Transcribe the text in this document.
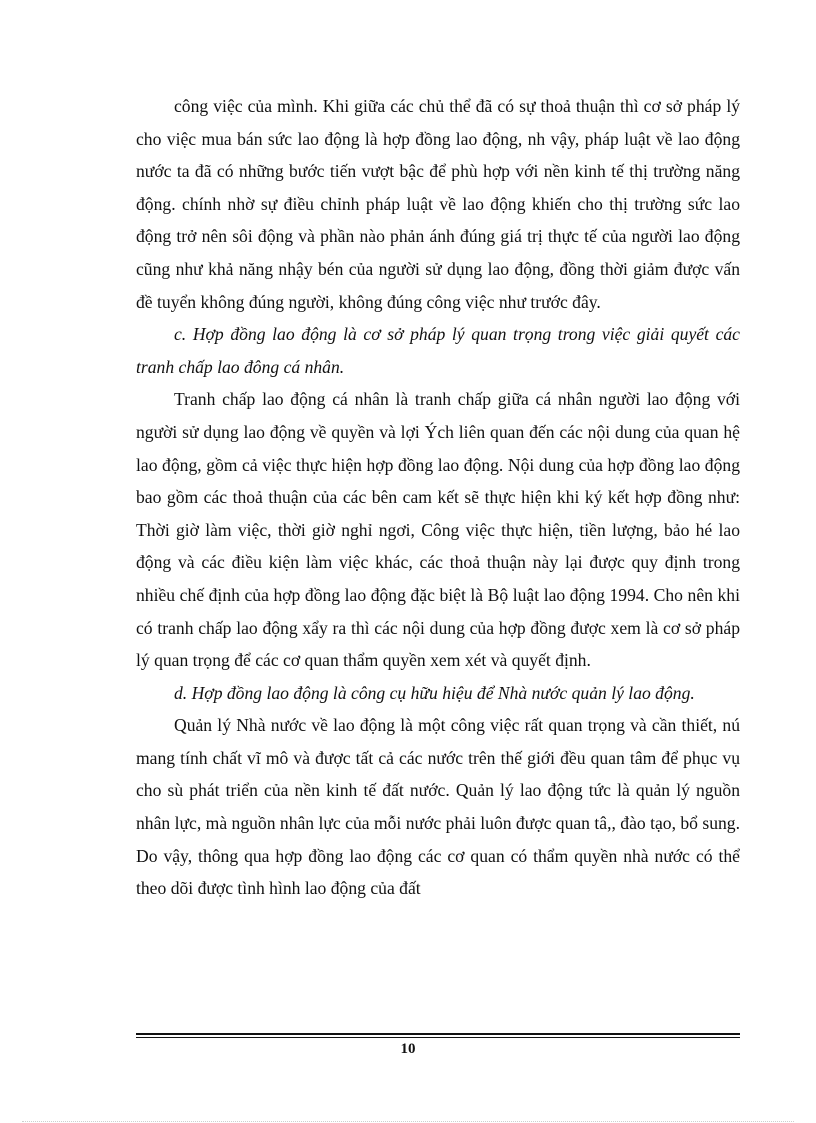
công việc của mình. Khi giữa các chủ thể đã có sự thoả thuận thì cơ sở pháp lý cho việc mua bán sức lao động là hợp đồng lao động, nh vậy, pháp luật về lao động nước ta đã có những bước tiến vượt bậc để phù hợp với nền kinh tế thị trường năng động. chính nhờ sự điều chỉnh pháp luật về lao động khiến cho thị trường sức lao động trở nên sôi động và phần nào phản ánh đúng giá trị thực tế của người lao động cũng như khả năng nhậy bén của người sử dụng lao động, đồng thời giảm được vấn đề tuyển không đúng người, không đúng công việc như trước đây.

c. Hợp đồng lao động là cơ sở pháp lý quan trọng trong việc giải quyết các tranh chấp lao đông cá nhân.

Tranh chấp lao động cá nhân là tranh chấp giữa cá nhân người lao động với người sử dụng lao động về quyền và lợi Ých liên quan đến các nội dung của quan hệ lao động, gồm cả việc thực hiện hợp đồng lao động. Nội dung của hợp đồng lao động bao gồm các thoả thuận của các bên cam kết sẽ thực hiện khi ký kết hợp đồng như: Thời giờ làm việc, thời giờ nghỉ ngơi, Công việc thực hiện, tiền lượng, bảo hé lao động và các điều kiện làm việc khác, các thoả thuận này lại được quy định trong nhiều chế định của hợp đồng lao động đặc biệt là Bộ luật lao động 1994. Cho nên khi có tranh chấp lao động xẩy ra thì các nội dung của hợp đồng được xem là cơ sở pháp lý quan trọng để các cơ quan thẩm quyền xem xét và quyết định.

d. Hợp đồng lao động là công cụ hữu hiệu để Nhà nước quản lý lao động.

Quản lý Nhà nước về lao động là một công việc rất quan trọng và cần thiết, nú mang tính chất vĩ mô và được tất cả các nước trên thế giới đều quan tâm để phục vụ cho sù phát triển của nền kinh tế đất nước. Quản lý lao động tức là quản lý nguồn nhân lực, mà nguồn nhân lực của mỗi nước phải luôn được quan tâ,, đào tạo, bổ sung. Do vậy, thông qua hợp đồng lao động các cơ quan có thẩm quyền nhà nước có thể theo dõi được tình hình lao động của đất

10
